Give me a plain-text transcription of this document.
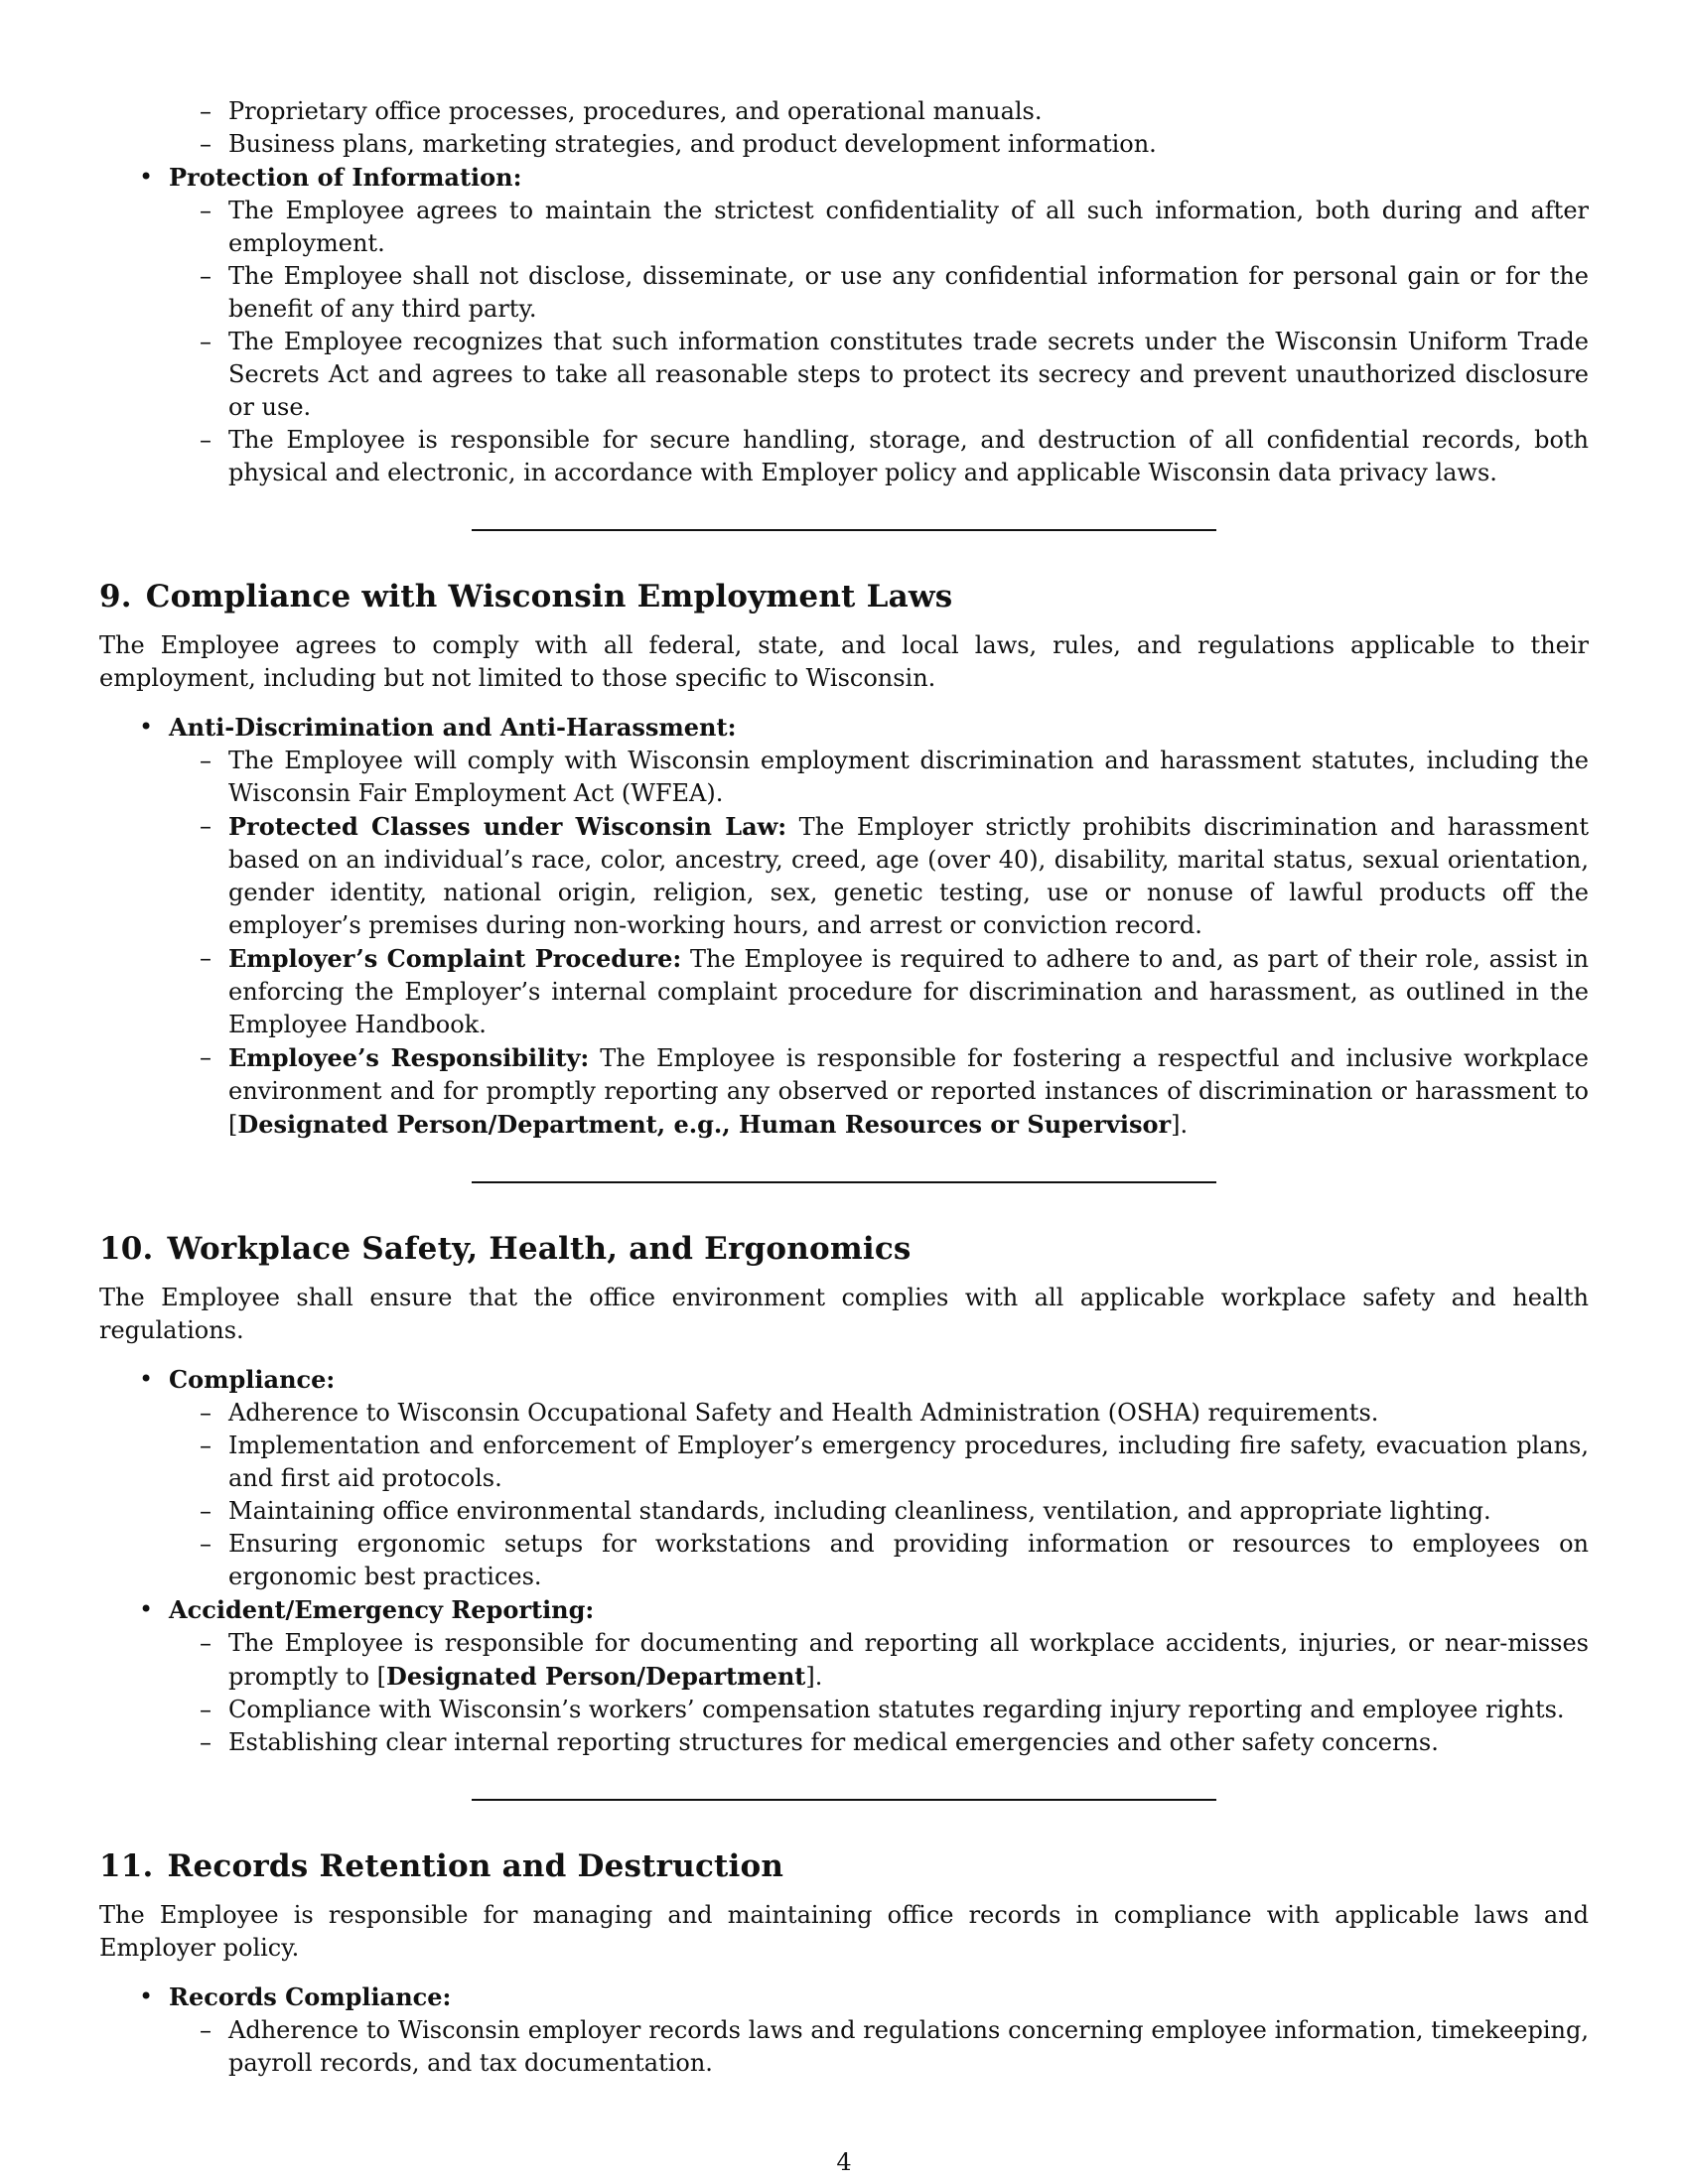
– Proprietary office processes, procedures, and operational manuals.
– Business plans, marketing strategies, and product development information.
• Protection of Information:
– The Employee agrees to maintain the strictest confidentiality of all such information, both during and after employment.
– The Employee shall not disclose, disseminate, or use any confidential information for personal gain or for the benefit of any third party.
– The Employee recognizes that such information constitutes trade secrets under the Wisconsin Uniform Trade Secrets Act and agrees to take all reasonable steps to protect its secrecy and prevent unauthorized disclosure or use.
– The Employee is responsible for secure handling, storage, and destruction of all confidential records, both physical and electronic, in accordance with Employer policy and applicable Wisconsin data privacy laws.
9. Compliance with Wisconsin Employment Laws

The Employee agrees to comply with all federal, state, and local laws, rules, and regulations applicable to their employment, including but not limited to those specific to Wisconsin.

• Anti-Discrimination and Anti-Harassment:
– The Employee will comply with Wisconsin employment discrimination and harassment statutes, including the Wisconsin Fair Employment Act (WFEA).
– Protected Classes under Wisconsin Law: The Employer strictly prohibits discrimination and harassment based on an individual’s race, color, ancestry, creed, age (over 40), disability, marital status, sexual orientation, gender identity, national origin, religion, sex, genetic testing, use or nonuse of lawful products off the employer’s premises during non-working hours, and arrest or conviction record.
– Employer’s Complaint Procedure: The Employee is required to adhere to and, as part of their role, assist in enforcing the Employer’s internal complaint procedure for discrimination and harassment, as outlined in the Employee Handbook.
– Employee’s Responsibility: The Employee is responsible for fostering a respectful and inclusive workplace environment and for promptly reporting any observed or reported instances of discrimination or harassment to [Designated Person/Department, e.g., Human Resources or Supervisor].
10. Workplace Safety, Health, and Ergonomics

The Employee shall ensure that the office environment complies with all applicable workplace safety and health regulations.

• Compliance:
– Adherence to Wisconsin Occupational Safety and Health Administration (OSHA) requirements.
– Implementation and enforcement of Employer’s emergency procedures, including fire safety, evacuation plans, and first aid protocols.
– Maintaining office environmental standards, including cleanliness, ventilation, and appropriate lighting.
– Ensuring ergonomic setups for workstations and providing information or resources to employees on ergonomic best practices.
• Accident/Emergency Reporting:
– The Employee is responsible for documenting and reporting all workplace accidents, injuries, or near-misses promptly to [Designated Person/Department].
– Compliance with Wisconsin’s workers’ compensation statutes regarding injury reporting and employee rights.
– Establishing clear internal reporting structures for medical emergencies and other safety concerns.
11. Records Retention and Destruction

The Employee is responsible for managing and maintaining office records in compliance with applicable laws and Employer policy.

• Records Compliance:
– Adherence to Wisconsin employer records laws and regulations concerning employee information, timekeeping, payroll records, and tax documentation.
4
